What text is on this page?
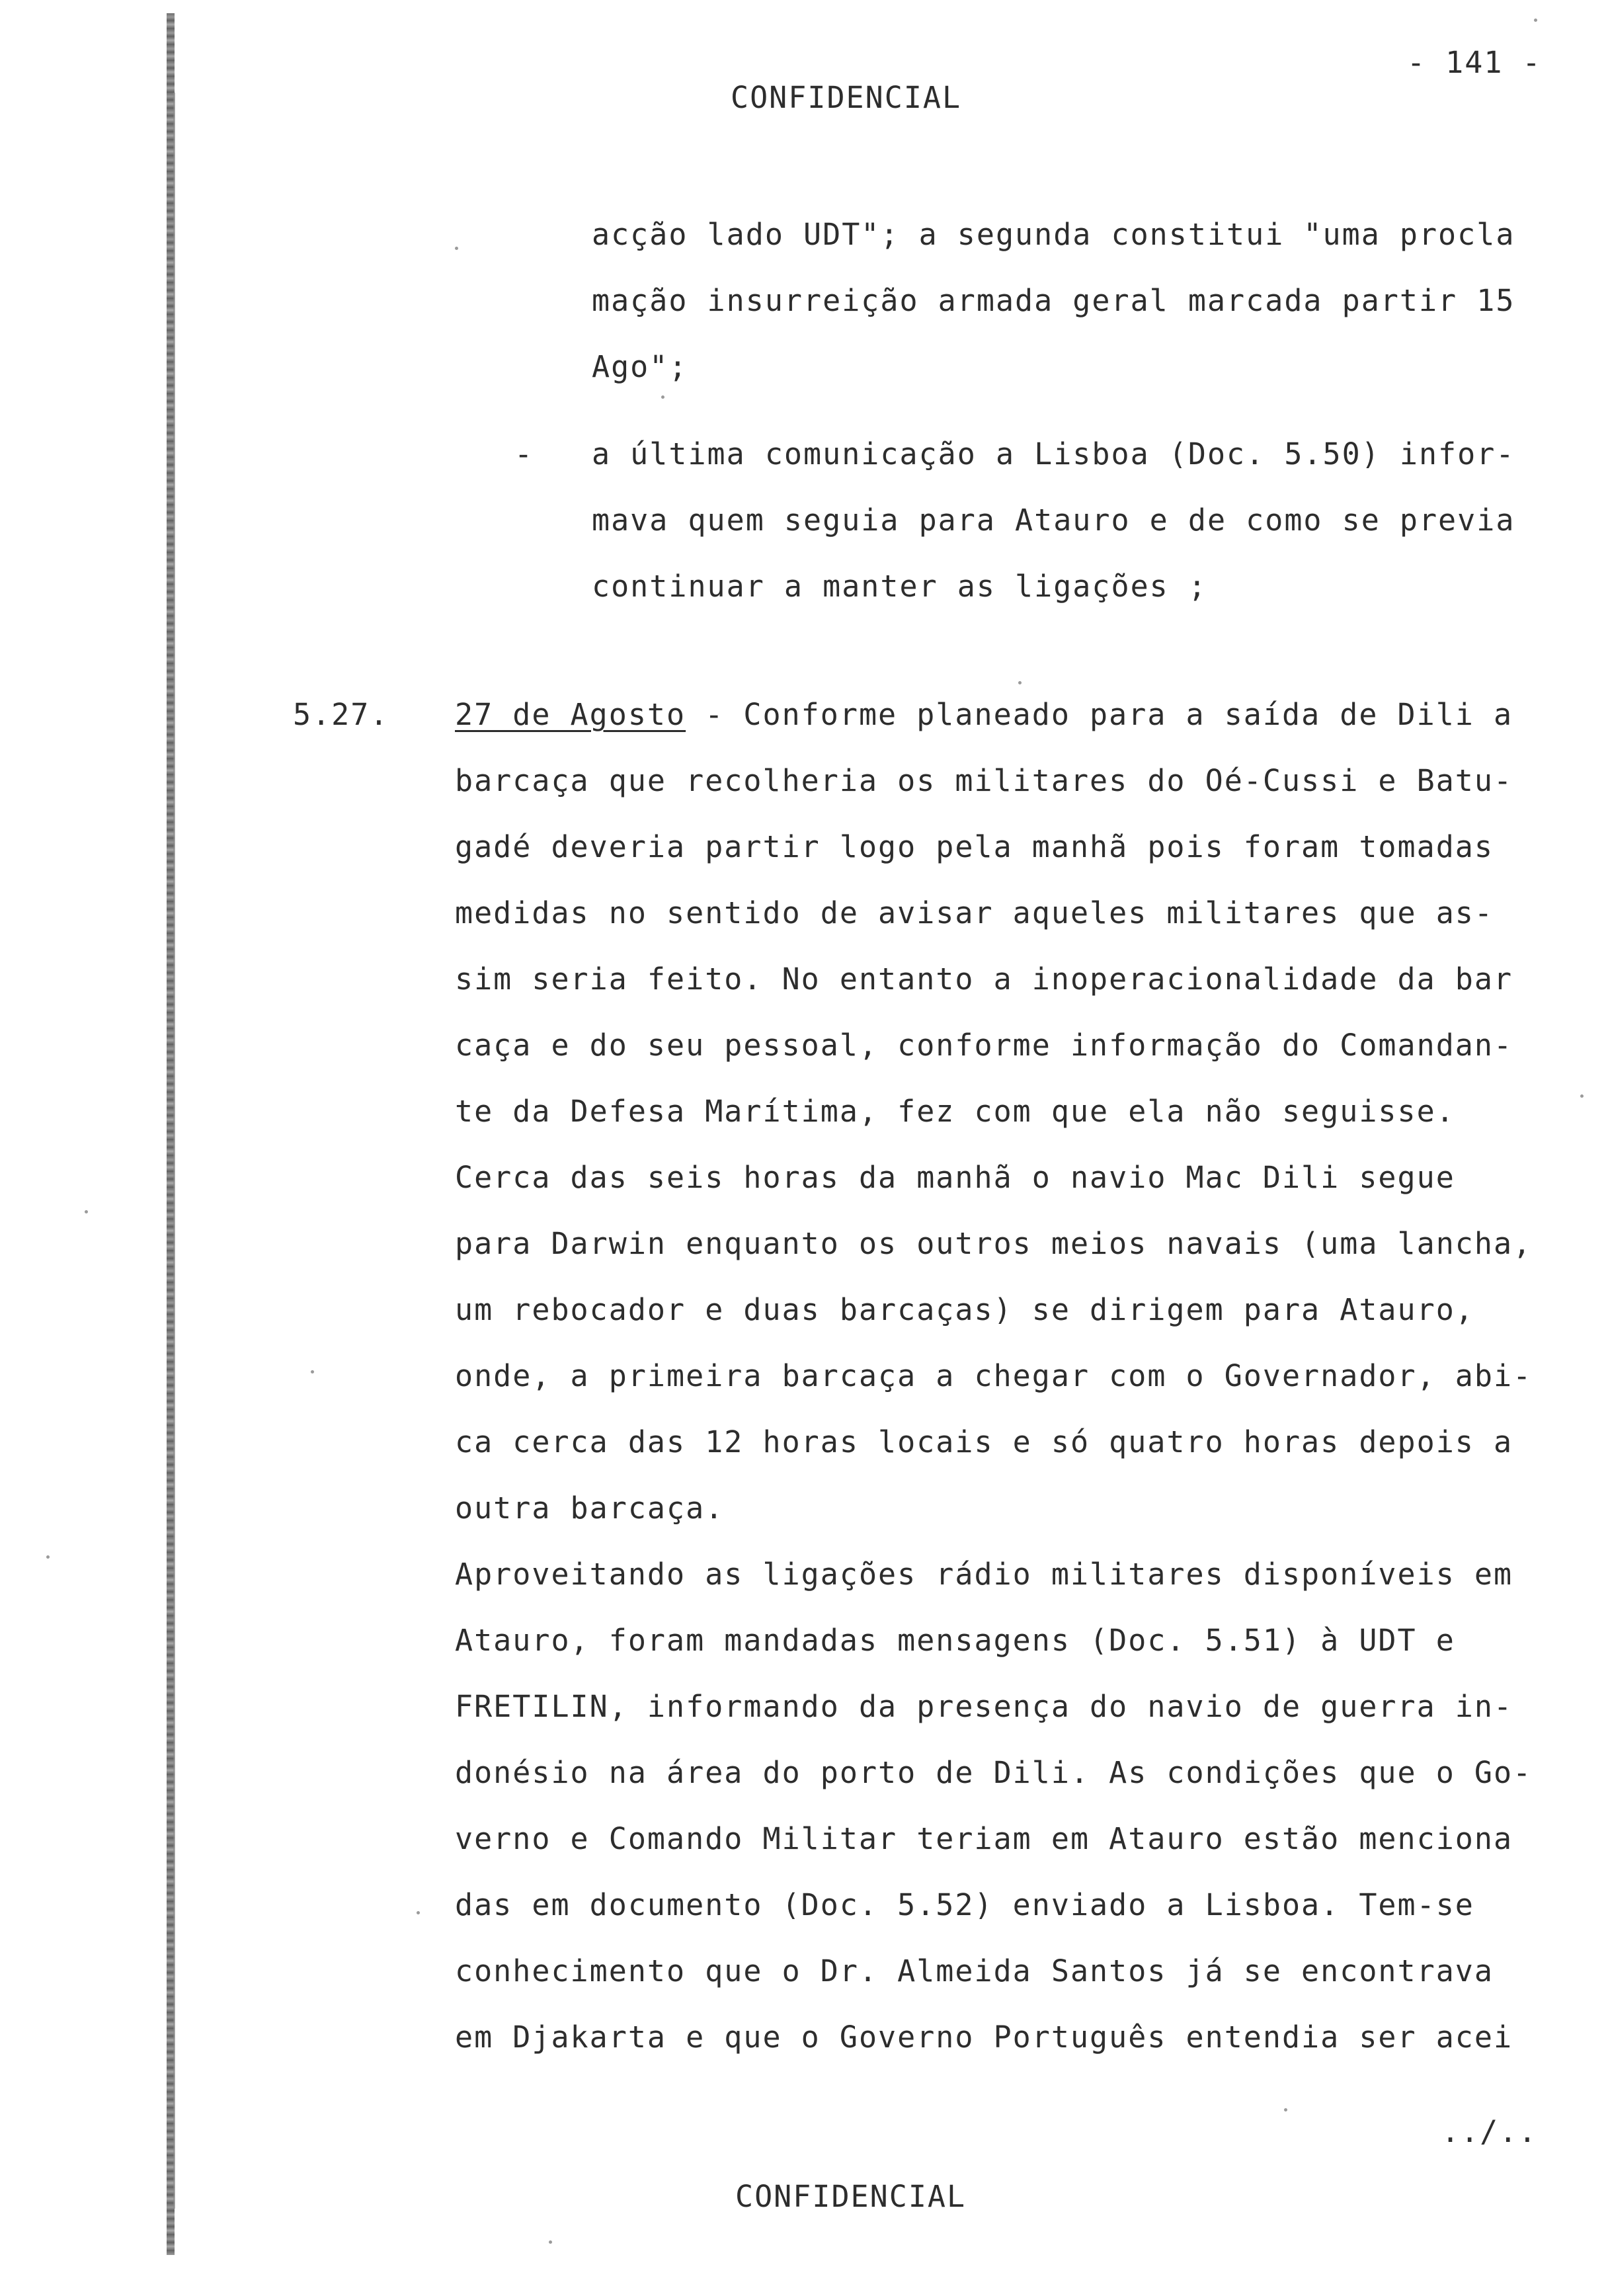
CONFIDENCIAL
- 141 -
acção lado UDT"; a segunda constitui "uma procla
mação insurreição armada geral marcada partir 15
Ago";
- a última comunicação a Lisboa (Doc. 5.50) infor-
mava quem seguia para Atauro e de como se previa
continuar a manter as ligações ;
5.27. 27 de Agosto - Conforme planeado para a saída de Dili a
barcaça que recolheria os militares do Oé-Cussi e Batu-
gadé deveria partir logo pela manhã pois foram tomadas
medidas no sentido de avisar aqueles militares que as-
sim seria feito. No entanto a inoperacionalidade da bar
caça e do seu pessoal, conforme informação do Comandan-
te da Defesa Marítima, fez com que ela não seguisse.
Cerca das seis horas da manhã o navio Mac Dili segue
para Darwin enquanto os outros meios navais (uma lancha,
um rebocador e duas barcaças) se dirigem para Atauro,
onde, a primeira barcaça a chegar com o Governador, abi-
ca cerca das 12 horas locais e só quatro horas depois a
outra barcaça.
Aproveitando as ligações rádio militares disponíveis em
Atauro, foram mandadas mensagens (Doc. 5.51) à UDT e
FRETILIN, informando da presença do navio de guerra in-
donésio na área do porto de Dili. As condições que o Go-
verno e Comando Militar teriam em Atauro estão menciona
das em documento (Doc. 5.52) enviado a Lisboa. Tem-se
conhecimento que o Dr. Almeida Santos já se encontrava
em Djakarta e que o Governo Português entendia ser acei
../..
CONFIDENCIAL
